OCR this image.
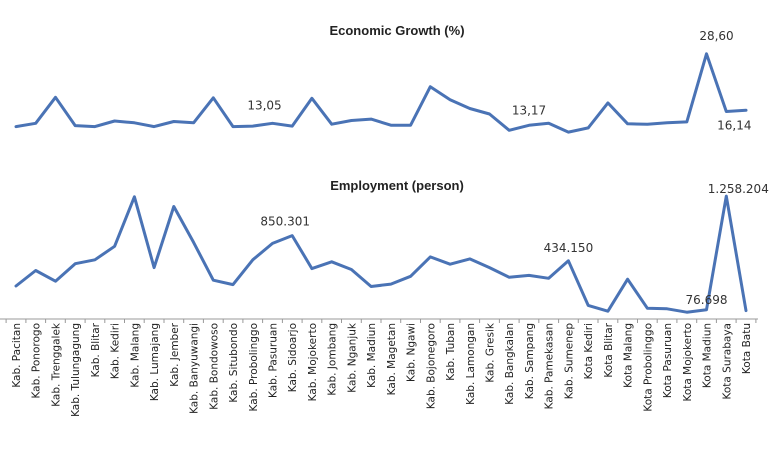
Economic Growth (%)
Employment (person)
13,05	13,17
28,60
16,14
850.301
434.150
76.698
1.258.204
Kab. Pacitan Kab. Ponorogo Kab. Trenggalek Kab. Tulungagung Kab. Blitar Kab. Kediri Kab. Malang Kab. Lumajang Kab. Jember Kab. Banyuwangi Kab. Bondowoso Kab. Situbondo Kab. Probolinggo Kab. Pasuruan Kab. Sidoarjo Kab. Mojokerto Kab. Jombang Kab. Nganjuk Kab. Madiun Kab. Magetan Kab. Ngawi Kab. Bojonegoro Kab. Tuban Kab. Lamongan Kab. Gresik Kab. Bangkalan Kab. Sampang Kab. Pamekasan Kab. Sumenep Kota Kediri Kota Blitar Kota Malang Kota Probolinggo Kota Pasuruan Kota Mojokerto Kota Madiun Kota Surabaya Kota Batu
